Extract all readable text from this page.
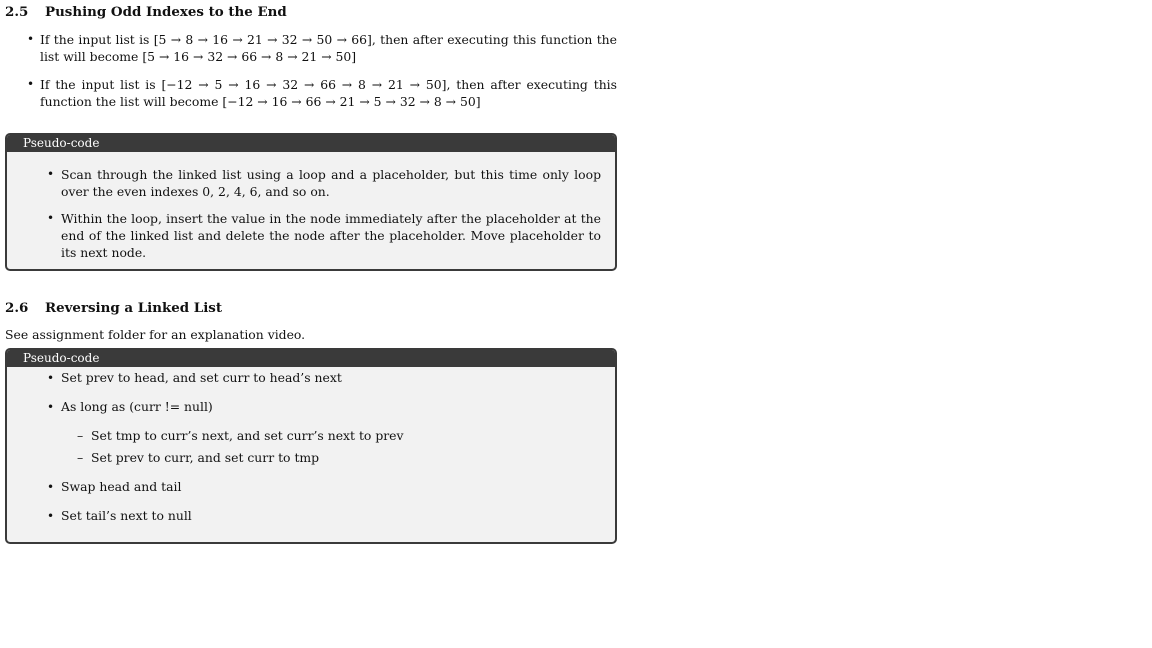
2.5 Pushing Odd Indexes to the End
• If the input list is [5 → 8 → 16 → 21 → 32 → 50 → 66], then after executing this function the list will become [5 → 16 → 32 → 66 → 8 → 21 → 50]
• If the input list is [−12 → 5 → 16 → 32 → 66 → 8 → 21 → 50], then after executing this function the list will become [−12 → 16 → 66 → 21 → 5 → 32 → 8 → 50]
Pseudo-code
• Scan through the linked list using a loop and a placeholder, but this time only loop over the even indexes 0, 2, 4, 6, and so on.
• Within the loop, insert the value in the node immediately after the placeholder at the end of the linked list and delete the node after the placeholder. Move placeholder to its next node.
2.6 Reversing a Linked List
See assignment folder for an explanation video.
Pseudo-code
• Set prev to head, and set curr to head’s next
• As long as (curr != null)
– Set tmp to curr’s next, and set curr’s next to prev
– Set prev to curr, and set curr to tmp
• Swap head and tail
• Set tail’s next to null
